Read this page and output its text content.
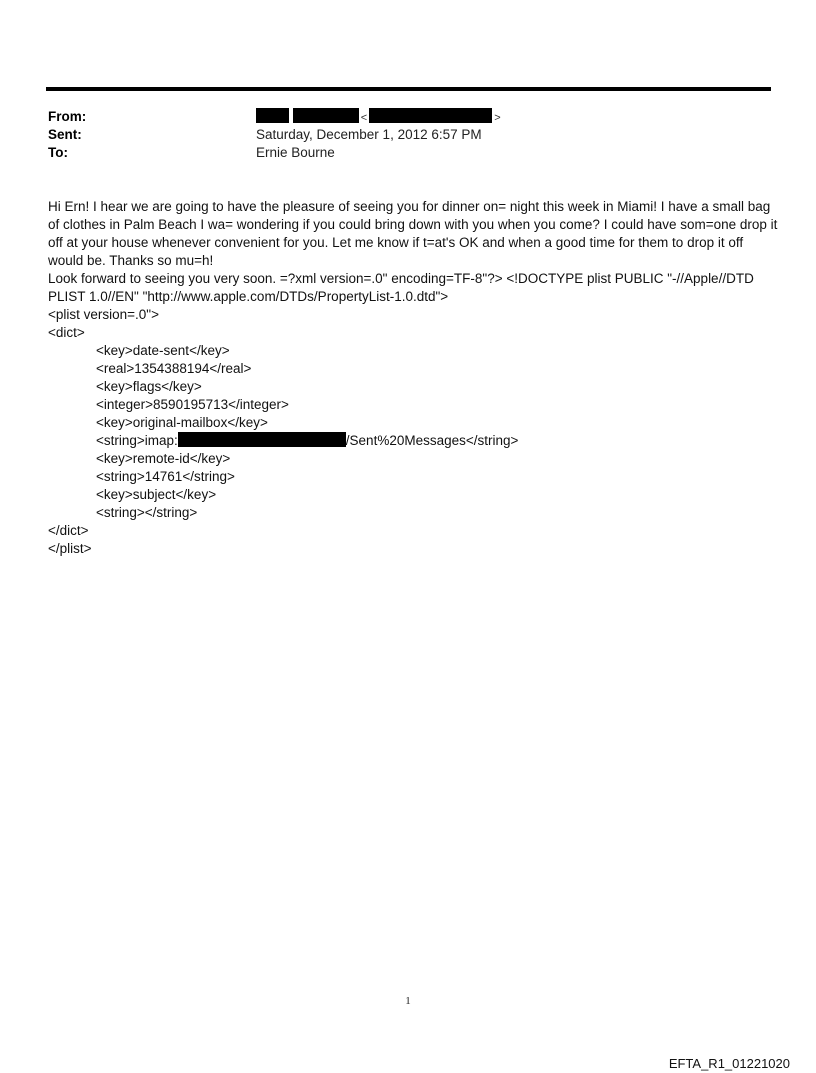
From:	<	>
Sent:	Saturday, December 1, 2012 6:57 PM
To:	Ernie Bourne

Hi Ern! I hear we are going to have the pleasure of seeing you for dinner on= night this week in Miami! I have a small bag of clothes in Palm Beach I wa= wondering if you could bring down with you when you come? I could have som=one drop it off at your house whenever convenient for you. Let me know if t=at's OK and when a good time for them to drop it off would be. Thanks so mu=h!

Look forward to seeing you very soon. =?xml version=.0" encoding=TF-8"?> <!DOCTYPE plist PUBLIC "-//Apple//DTD

PLIST 1.0//EN" "http://www.apple.com/DTDs/PropertyList-1.0.dtd">

<plist version=.0">

<dict>

<key>date-sent</key>

<real>1354388194</real>

<key>flags</key>

<integer>8590195713</integer>

<key>original-mailbox</key>

<string>imap:	/Sent%20Messages</string>

<key>remote-id</key>

<string>14761</string>

<key>subject</key>

<string></string>

</dict>

</plist>

1
EFTA_R1_01221020
